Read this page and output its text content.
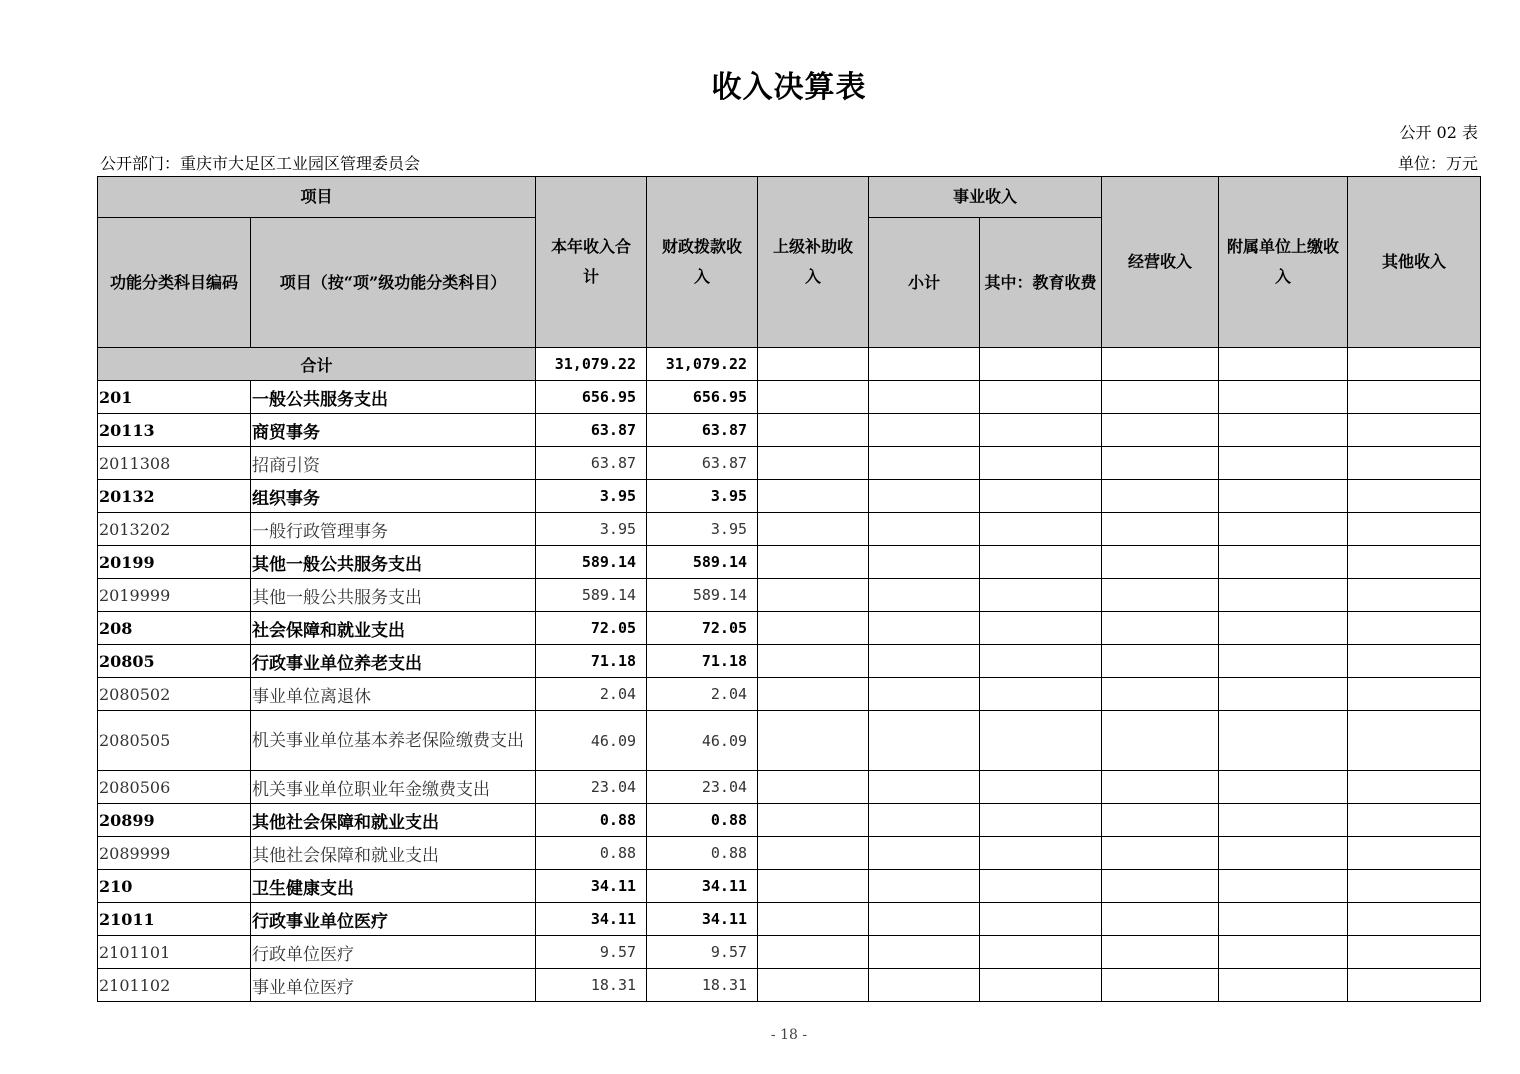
收入决算表
公开 02 表
公开部门：重庆市大足区工业园区管理委员会	单位：万元
项目		本年收入合计	财政拨款收入	上级补助收入	事业收入		经营收入	附属单位上缴收入	其他收入
功能分类科目编码	项目（按“项”级功能分类科目）				小计	其中：教育收费			
合计		31,079.22	31,079.22						
201	一般公共服务支出	656.95	656.95						
20113	商贸事务	63.87	63.87						
2011308	招商引资	63.87	63.87						
20132	组织事务	3.95	3.95						
2013202	一般行政管理事务	3.95	3.95						
20199	其他一般公共服务支出	589.14	589.14						
2019999	其他一般公共服务支出	589.14	589.14						
208	社会保障和就业支出	72.05	72.05						
20805	行政事业单位养老支出	71.18	71.18						
2080502	事业单位离退休	2.04	2.04						
2080505	机关事业单位基本养老保险缴费支出	46.09	46.09						
2080506	机关事业单位职业年金缴费支出	23.04	23.04						
20899	其他社会保障和就业支出	0.88	0.88						
2089999	其他社会保障和就业支出	0.88	0.88						
210	卫生健康支出	34.11	34.11						
21011	行政事业单位医疗	34.11	34.11						
2101101	行政单位医疗	9.57	9.57						
2101102	事业单位医疗	18.31	18.31						
- 18 -
